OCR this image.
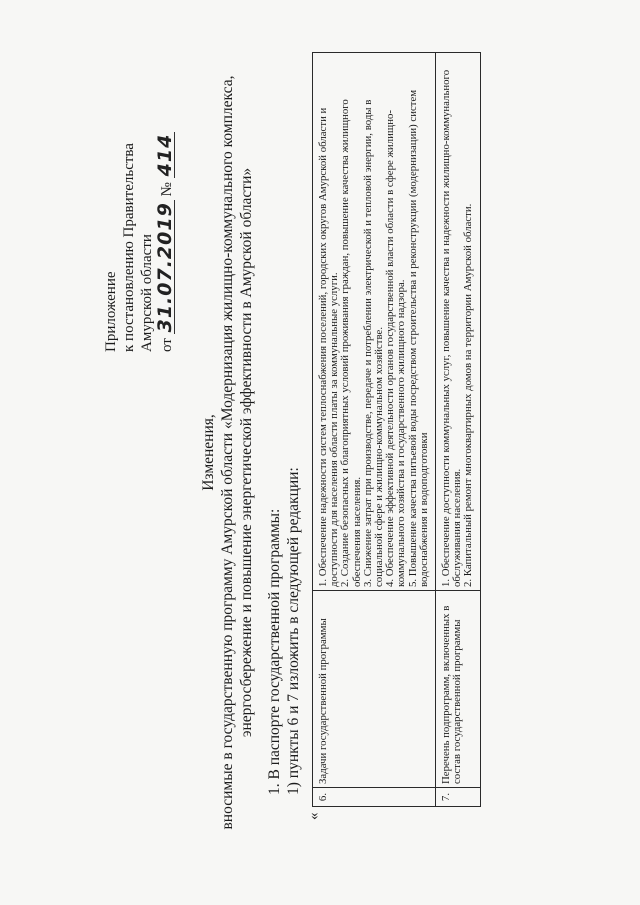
Приложение к постановлению Правительства Амурской области от 31.07.2019 № 414
Изменения, вносимые в государственную программу Амурской области «Модернизация жилищно-коммунального комплекса, энергосбережение и повышение энергетической эффективности в Амурской области» 1. В паспорте государственной программы: 1) пункты 6 и 7 изложить в следующей редакции:
«
6.	Задачи государственной программы	1. Обеспечение надежности систем теплоснабжения поселений, городских округов Амурской области и доступности для населения области платы за коммунальные услуги. 2. Создание безопасных и благоприятных условий проживания граждан, повышение качества жилищного обеспечения населения. 3. Снижение затрат при производстве, передаче и потреблении электрической и тепловой энергии, воды в социальной сфере и жилищно-коммунальном хозяйстве. 4. Обеспечение эффективной деятельности органов государственной власти области в сфере жилищно-коммунального хозяйства и государственного жилищного надзора. 5. Повышение качества питьевой воды посредством строительства и реконструкции (модернизации) систем водоснабжения и водоподготовки

7.	Перечень подпрограмм, включенных в состав государственной программы	1. Обеспечение доступности коммунальных услуг, повышение качества и надежности жилищно-коммунального обслуживания населения. 2. Капитальный ремонт многоквартирных домов на территории Амурской области.
